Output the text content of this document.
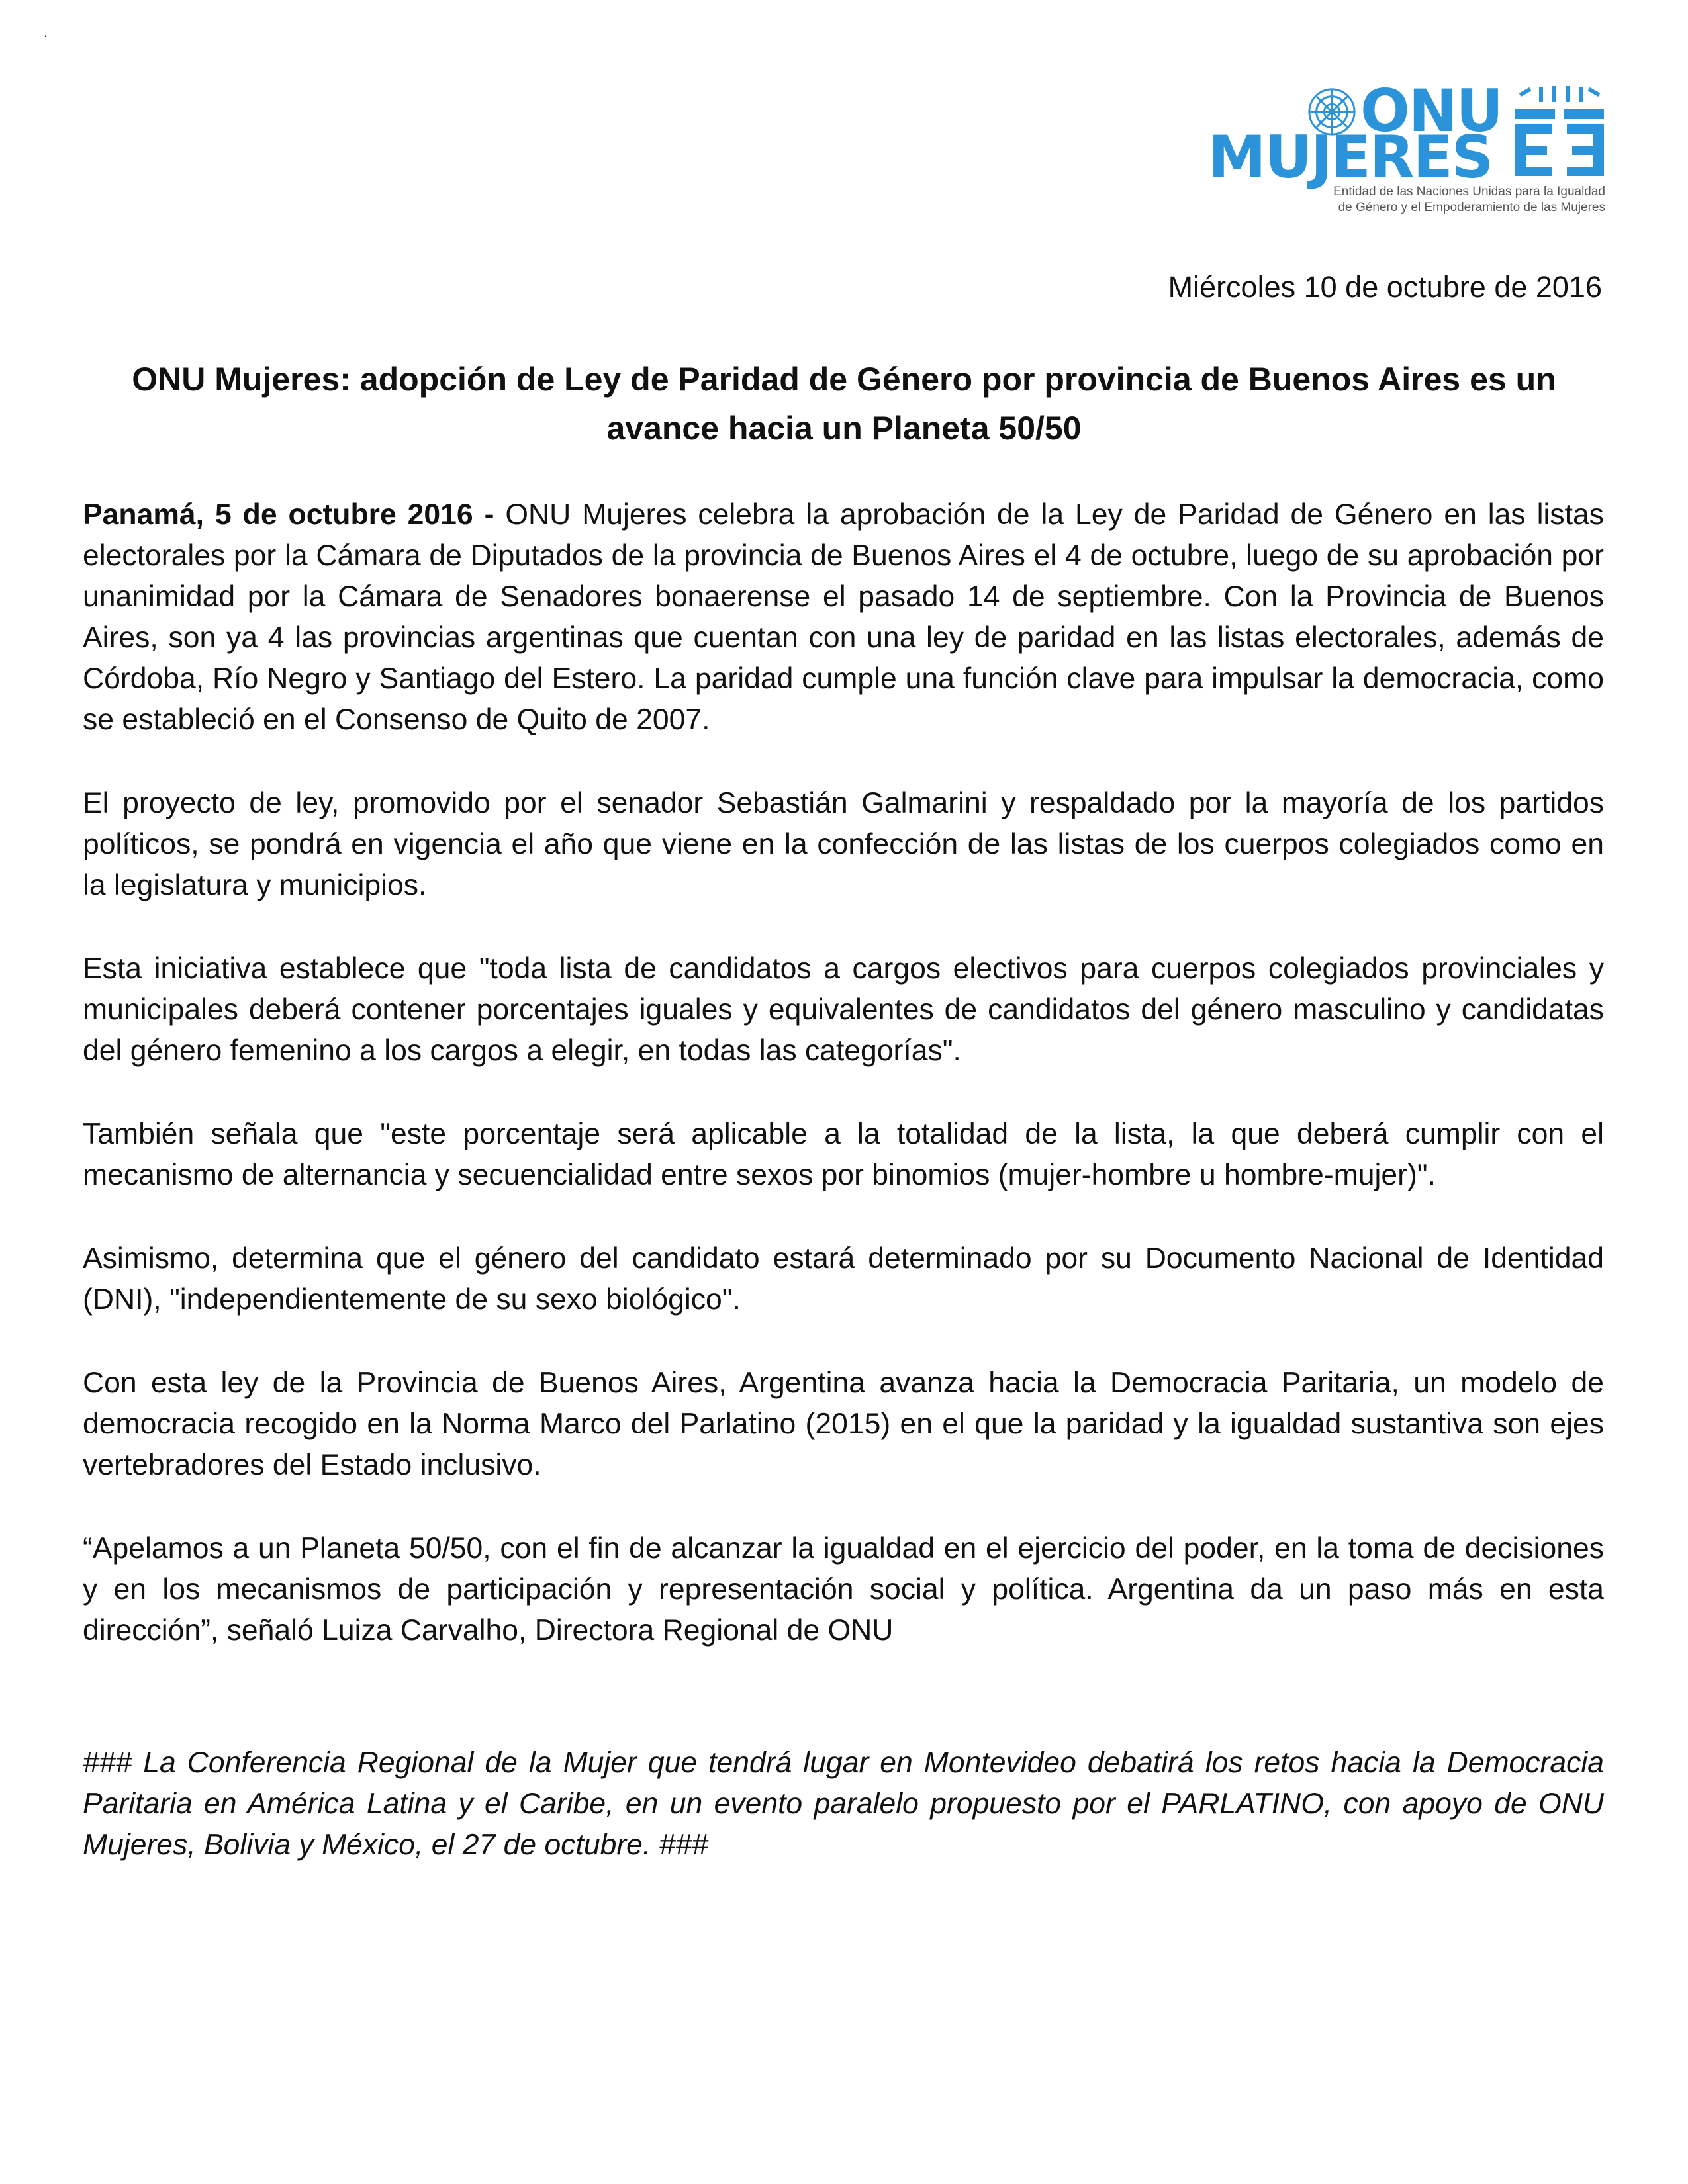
.
ONU
MUJERES
Entidad de las Naciones Unidas para la Igualdad
de Género y el Empoderamiento de las Mujeres
Miércoles 10 de octubre de 2016
ONU Mujeres: adopción de Ley de Paridad de Género por provincia de Buenos Aires es un avance hacia un Planeta 50/50

Panamá, 5 de octubre 2016 - ONU Mujeres celebra la aprobación de la Ley de Paridad de Género en las listas electorales por la Cámara de Diputados de la provincia de Buenos Aires el 4 de octubre, luego de su aprobación por unanimidad por la Cámara de Senadores bonaerense el pasado 14 de septiembre. Con la Provincia de Buenos Aires, son ya 4 las provincias argentinas que cuentan con una ley de paridad en las listas electorales, además de Córdoba, Río Negro y Santiago del Estero. La paridad cumple una función clave para impulsar la democracia, como se estableció en el Consenso de Quito de 2007.

El proyecto de ley, promovido por el senador Sebastián Galmarini y respaldado por la mayoría de los partidos políticos, se pondrá en vigencia el año que viene en la confección de las listas de los cuerpos colegiados como en la legislatura y municipios.

Esta iniciativa establece que "toda lista de candidatos a cargos electivos para cuerpos colegiados provinciales y municipales deberá contener porcentajes iguales y equivalentes de candidatos del género masculino y candidatas del género femenino a los cargos a elegir, en todas las categorías".

También señala que "este porcentaje será aplicable a la totalidad de la lista, la que deberá cumplir con el mecanismo de alternancia y secuencialidad entre sexos por binomios (mujer-hombre u hombre-mujer)".

Asimismo, determina que el género del candidato estará determinado por su Documento Nacional de Identidad (DNI), "independientemente de su sexo biológico".

Con esta ley de la Provincia de Buenos Aires, Argentina avanza hacia la Democracia Paritaria, un modelo de democracia recogido en la Norma Marco del Parlatino (2015) en el que la paridad y la igualdad sustantiva son ejes vertebradores del Estado inclusivo.

“Apelamos a un Planeta 50/50, con el fin de alcanzar la igualdad en el ejercicio del poder, en la toma de decisiones y en los mecanismos de participación y representación social y política. Argentina da un paso más en esta dirección”, señaló Luiza Carvalho, Directora Regional de ONU

### La Conferencia Regional de la Mujer que tendrá lugar en Montevideo debatirá los retos hacia la Democracia Paritaria en América Latina y el Caribe, en un evento paralelo propuesto por el PARLATINO, con apoyo de ONU Mujeres, Bolivia y México, el 27 de octubre. ###
